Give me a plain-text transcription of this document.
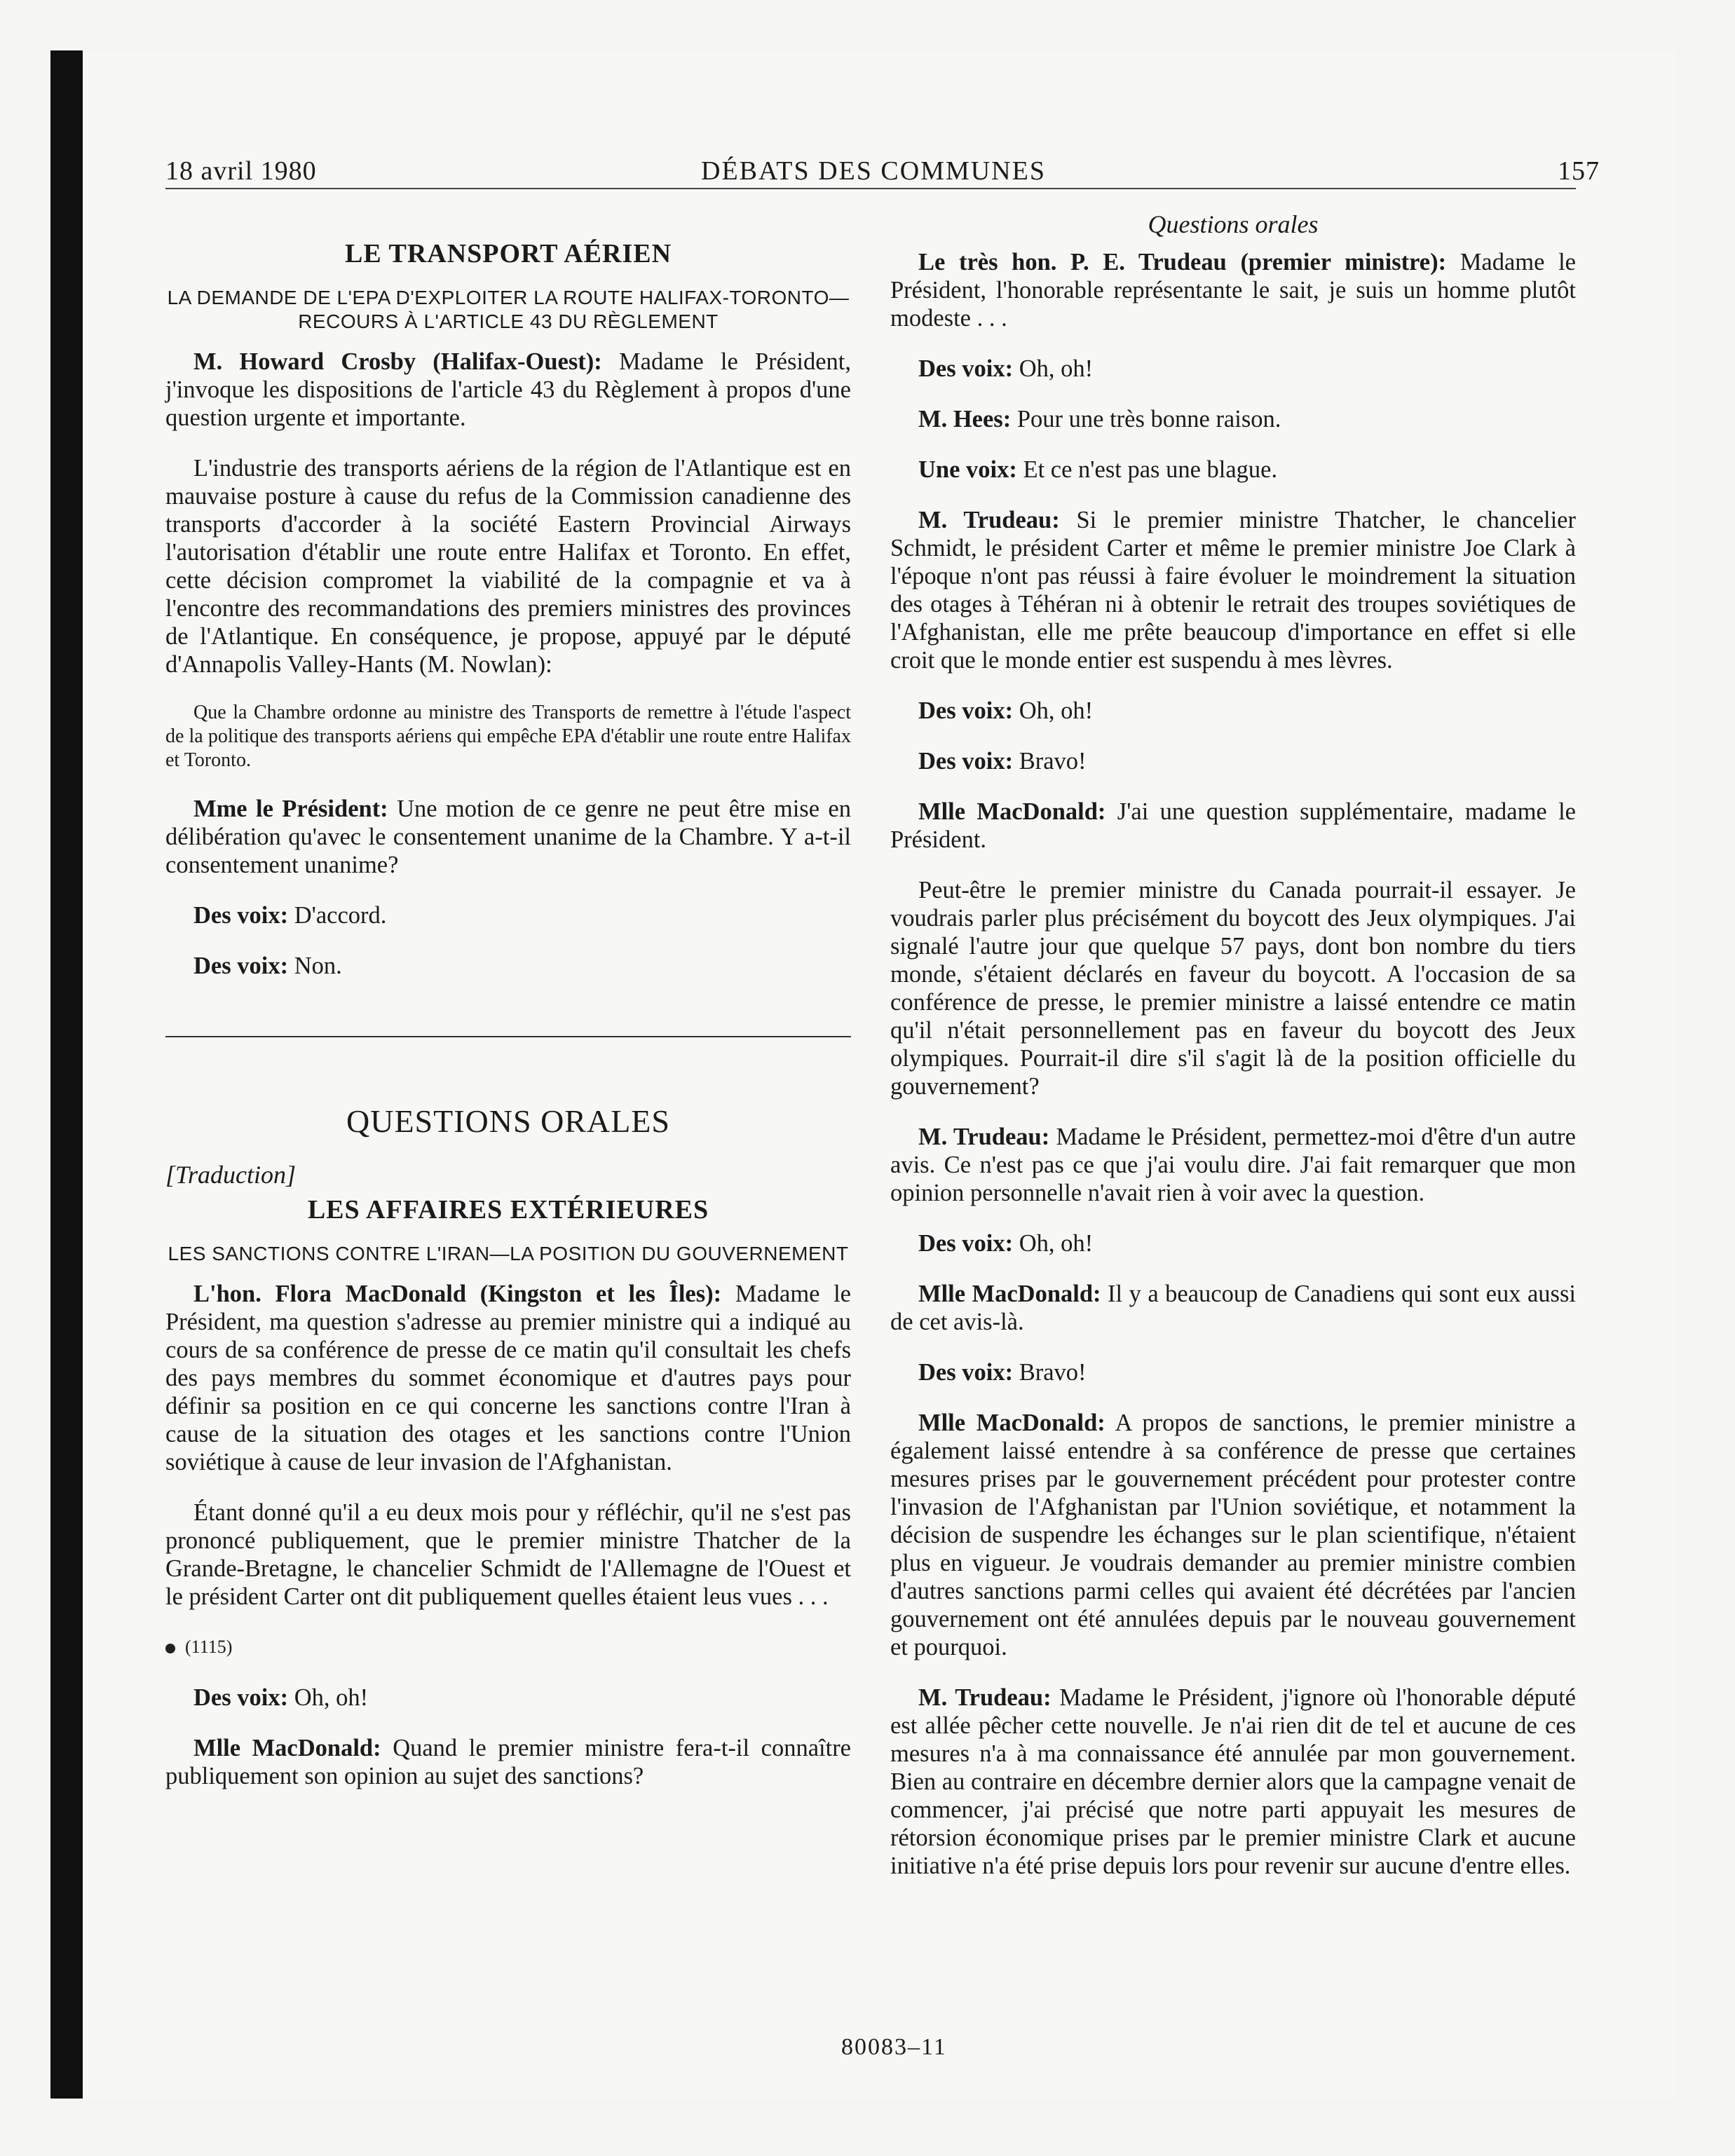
18 avril 1980	DÉBATS DES COMMUNES	157
LE TRANSPORT AÉRIEN
LA DEMANDE DE L'EPA D'EXPLOITER LA ROUTE HALIFAX-TORONTO—RECOURS À L'ARTICLE 43 DU RÈGLEMENT

M. Howard Crosby (Halifax-Ouest): Madame le Président, j'invoque les dispositions de l'article 43 du Règlement à propos d'une question urgente et importante.

L'industrie des transports aériens de la région de l'Atlantique est en mauvaise posture à cause du refus de la Commission canadienne des transports d'accorder à la société Eastern Provincial Airways l'autorisation d'établir une route entre Halifax et Toronto. En effet, cette décision compromet la viabilité de la compagnie et va à l'encontre des recommandations des premiers ministres des provinces de l'Atlantique. En conséquence, je propose, appuyé par le député d'Annapolis Valley-Hants (M. Nowlan):

Que la Chambre ordonne au ministre des Transports de remettre à l'étude l'aspect de la politique des transports aériens qui empêche EPA d'établir une route entre Halifax et Toronto.

Mme le Président: Une motion de ce genre ne peut être mise en délibération qu'avec le consentement unanime de la Chambre. Y a-t-il consentement unanime?

Des voix: D'accord.

Des voix: Non.

QUESTIONS ORALES
[Traduction]
LES AFFAIRES EXTÉRIEURES
LES SANCTIONS CONTRE L'IRAN—LA POSITION DU GOUVERNEMENT

L'hon. Flora MacDonald (Kingston et les Îles): Madame le Président, ma question s'adresse au premier ministre qui a indiqué au cours de sa conférence de presse de ce matin qu'il consultait les chefs des pays membres du sommet économique et d'autres pays pour définir sa position en ce qui concerne les sanctions contre l'Iran à cause de la situation des otages et les sanctions contre l'Union soviétique à cause de leur invasion de l'Afghanistan.

Étant donné qu'il a eu deux mois pour y réfléchir, qu'il ne s'est pas prononcé publiquement, que le premier ministre Thatcher de la Grande-Bretagne, le chancelier Schmidt de l'Allemagne de l'Ouest et le président Carter ont dit publiquement quelles étaient leus vues . . .

(1115)

Des voix: Oh, oh!

Mlle MacDonald: Quand le premier ministre fera-t-il connaître publiquement son opinion au sujet des sanctions?

Questions orales

Le très hon. P. E. Trudeau (premier ministre): Madame le Président, l'honorable représentante le sait, je suis un homme plutôt modeste . . .

Des voix: Oh, oh!

M. Hees: Pour une très bonne raison.

Une voix: Et ce n'est pas une blague.

M. Trudeau: Si le premier ministre Thatcher, le chancelier Schmidt, le président Carter et même le premier ministre Joe Clark à l'époque n'ont pas réussi à faire évoluer le moindrement la situation des otages à Téhéran ni à obtenir le retrait des troupes soviétiques de l'Afghanistan, elle me prête beaucoup d'importance en effet si elle croit que le monde entier est suspendu à mes lèvres.

Des voix: Oh, oh!

Des voix: Bravo!

Mlle MacDonald: J'ai une question supplémentaire, madame le Président.

Peut-être le premier ministre du Canada pourrait-il essayer. Je voudrais parler plus précisément du boycott des Jeux olympiques. J'ai signalé l'autre jour que quelque 57 pays, dont bon nombre du tiers monde, s'étaient déclarés en faveur du boycott. A l'occasion de sa conférence de presse, le premier ministre a laissé entendre ce matin qu'il n'était personnellement pas en faveur du boycott des Jeux olympiques. Pourrait-il dire s'il s'agit là de la position officielle du gouvernement?

M. Trudeau: Madame le Président, permettez-moi d'être d'un autre avis. Ce n'est pas ce que j'ai voulu dire. J'ai fait remarquer que mon opinion personnelle n'avait rien à voir avec la question.

Des voix: Oh, oh!

Mlle MacDonald: Il y a beaucoup de Canadiens qui sont eux aussi de cet avis-là.

Des voix: Bravo!

Mlle MacDonald: A propos de sanctions, le premier ministre a également laissé entendre à sa conférence de presse que certaines mesures prises par le gouvernement précédent pour protester contre l'invasion de l'Afghanistan par l'Union soviétique, et notamment la décision de suspendre les échanges sur le plan scientifique, n'étaient plus en vigueur. Je voudrais demander au premier ministre combien d'autres sanctions parmi celles qui avaient été décrétées par l'ancien gouvernement ont été annulées depuis par le nouveau gouvernement et pourquoi.

M. Trudeau: Madame le Président, j'ignore où l'honorable député est allée pêcher cette nouvelle. Je n'ai rien dit de tel et aucune de ces mesures n'a à ma connaissance été annulée par mon gouvernement. Bien au contraire en décembre dernier alors que la campagne venait de commencer, j'ai précisé que notre parti appuyait les mesures de rétorsion économique prises par le premier ministre Clark et aucune initiative n'a été prise depuis lors pour revenir sur aucune d'entre elles.

80083–11
